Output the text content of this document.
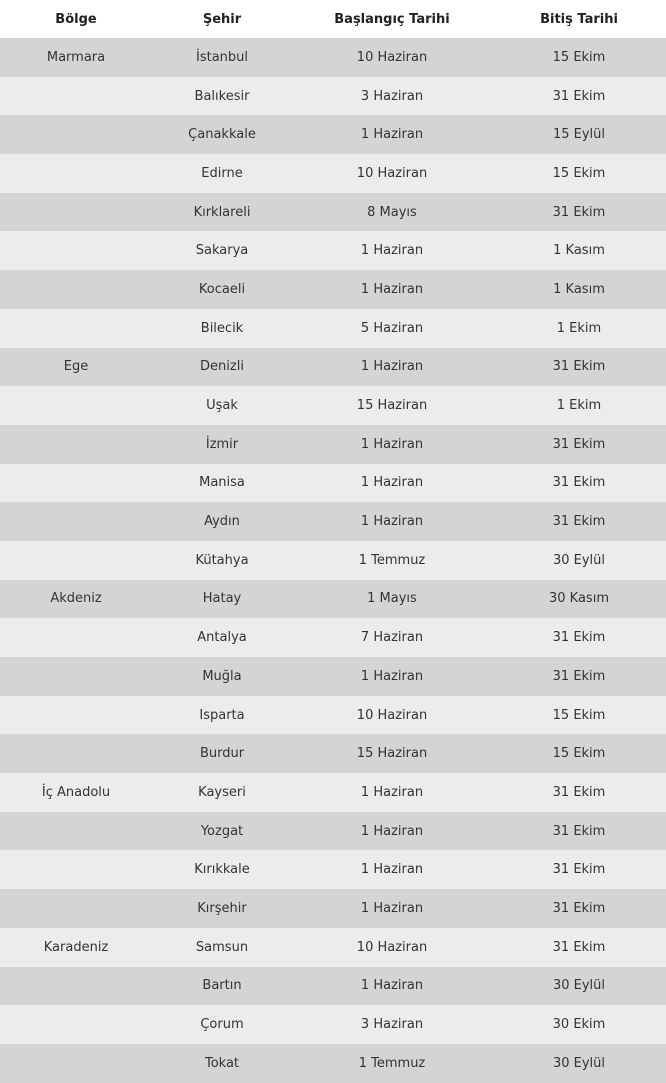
Bölge	Şehir	Başlangıç Tarihi	Bitiş Tarihi
Marmara	İstanbul	10 Haziran	15 Ekim
	Balıkesir	3 Haziran	31 Ekim
	Çanakkale	1 Haziran	15 Eylül
	Edirne	10 Haziran	15 Ekim
	Kırklareli	8 Mayıs	31 Ekim
	Sakarya	1 Haziran	1 Kasım
	Kocaeli	1 Haziran	1 Kasım
	Bilecik	5 Haziran	1 Ekim
Ege	Denizli	1 Haziran	31 Ekim
	Uşak	15 Haziran	1 Ekim
	İzmir	1 Haziran	31 Ekim
	Manisa	1 Haziran	31 Ekim
	Aydın	1 Haziran	31 Ekim
	Kütahya	1 Temmuz	30 Eylül
Akdeniz	Hatay	1 Mayıs	30 Kasım
	Antalya	7 Haziran	31 Ekim
	Muğla	1 Haziran	31 Ekim
	Isparta	10 Haziran	15 Ekim
	Burdur	15 Haziran	15 Ekim
İç Anadolu	Kayseri	1 Haziran	31 Ekim
	Yozgat	1 Haziran	31 Ekim
	Kırıkkale	1 Haziran	31 Ekim
	Kırşehir	1 Haziran	31 Ekim
Karadeniz	Samsun	10 Haziran	31 Ekim
	Bartın	1 Haziran	30 Eylül
	Çorum	3 Haziran	30 Ekim
	Tokat	1 Temmuz	30 Eylül
